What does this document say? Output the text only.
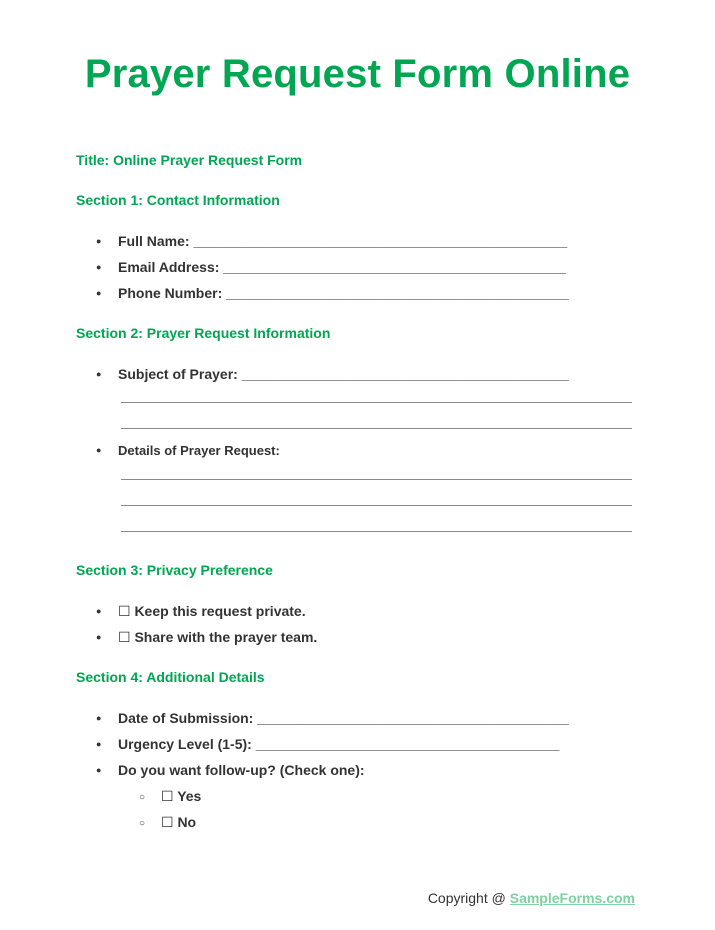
Prayer Request Form Online
Title: Online Prayer Request Form
Section 1: Contact Information
● Full Name: ________________________________________________
● Email Address: ____________________________________________
● Phone Number: ____________________________________________
Section 2: Prayer Request Information
● Subject of Prayer: __________________________________________
● Details of Prayer Request:
Section 3: Privacy Preference
● ☐ Keep this request private.
● ☐ Share with the prayer team.
Section 4: Additional Details
● Date of Submission: ________________________________________
● Urgency Level (1-5): _______________________________________
● Do you want follow-up? (Check one):
○ ☐ Yes
○ ☐ No
Copyright @ SampleForms.com
